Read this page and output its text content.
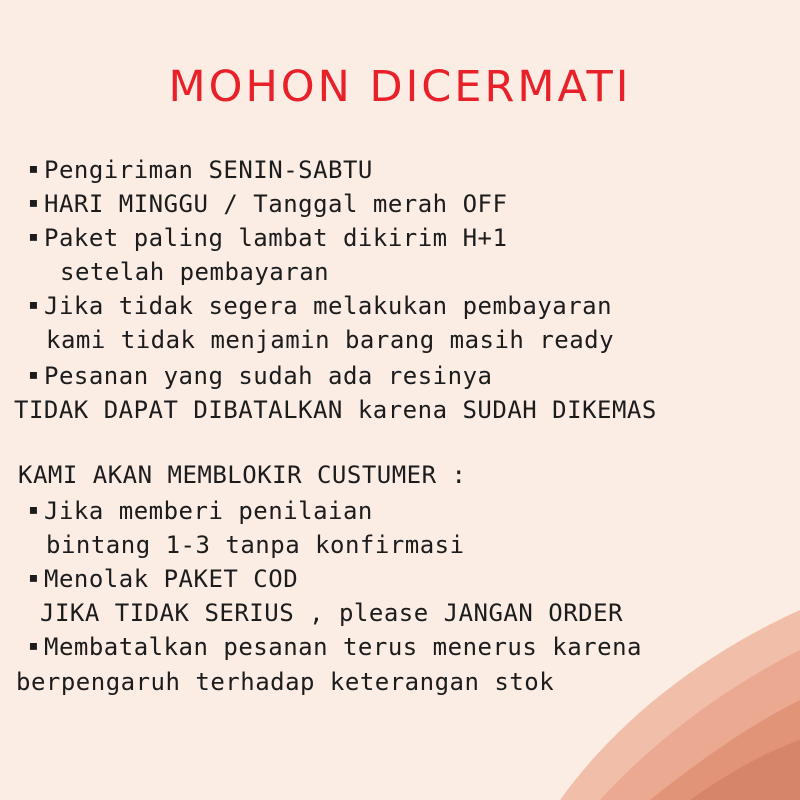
MOHON DICERMATI
▪Pengiriman SENIN-SABTU
▪HARI MINGGU / Tanggal merah OFF
▪Paket paling lambat dikirim H+1
setelah pembayaran
▪Jika tidak segera melakukan pembayaran
kami tidak menjamin barang masih ready
▪Pesanan yang sudah ada resinya
TIDAK DAPAT DIBATALKAN karena SUDAH DIKEMAS
KAMI AKAN MEMBLOKIR CUSTUMER :
▪Jika memberi penilaian
bintang 1-3 tanpa konfirmasi
▪Menolak PAKET COD
JIKA TIDAK SERIUS , please JANGAN ORDER
▪Membatalkan pesanan terus menerus karena
berpengaruh terhadap keterangan stok
